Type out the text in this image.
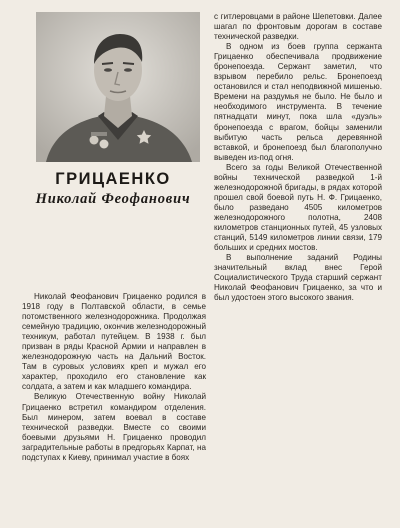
ГРИЦАЕНКО
Николай Феофанович

Николай Феофанович Грицаенко родился в 1918 году в Полтавской области, в семье потомственного железнодорожника. Продолжая семейную традицию, окончив железнодорожный техникум, работал путейцем. В 1938 г. был призван в ряды Красной Армии и направлен в железнодорожную часть на Дальний Восток. Там в суровых условиях креп и мужал его характер, проходило его становление как солдата, а затем и как младшего командира.

Великую Отечественную войну Николай Грицаенко встретил командиром отделения. Был минером, затем воевал в составе технической разведки. Вместе со своими боевыми друзьями Н. Грицаенко проводил заградительные работы в предгорьях Карпат, на подступах к Киеву, принимал участие в боях

с гитлеровцами в районе Шепетовки. Далее шагал по фронтовым дорогам в составе технической разведки.

В одном из боев группа сержанта Грицаенко обеспечивала продвижение бронепоезда. Сержант заметил, что взрывом перебило рельс. Бронепоезд остановился и стал неподвижной мишенью. Времени на раздумья не было. Не было и необходимого инструмента. В течение пятнадцати минут, пока шла «дуэль» бронепоезда с врагом, бойцы заменили выбитую часть рельса деревянной вставкой, и бронепоезд был благополучно выведен из-под огня.

Всего за годы Великой Отечественной войны технической разведкой 1-й железнодорожной бригады, в рядах которой прошел свой боевой путь Н. Ф. Грицаенко, было разведано 4505 километров железнодорожного полотна, 2408 километров станционных путей, 45 узловых станций, 5149 километров линии связи, 179 больших и средних мостов.

В выполнение заданий Родины значительный вклад внес Герой Социалистического Труда старший сержант Николай Феофанович Грицаенко, за что и был удостоен этого высокого звания.
